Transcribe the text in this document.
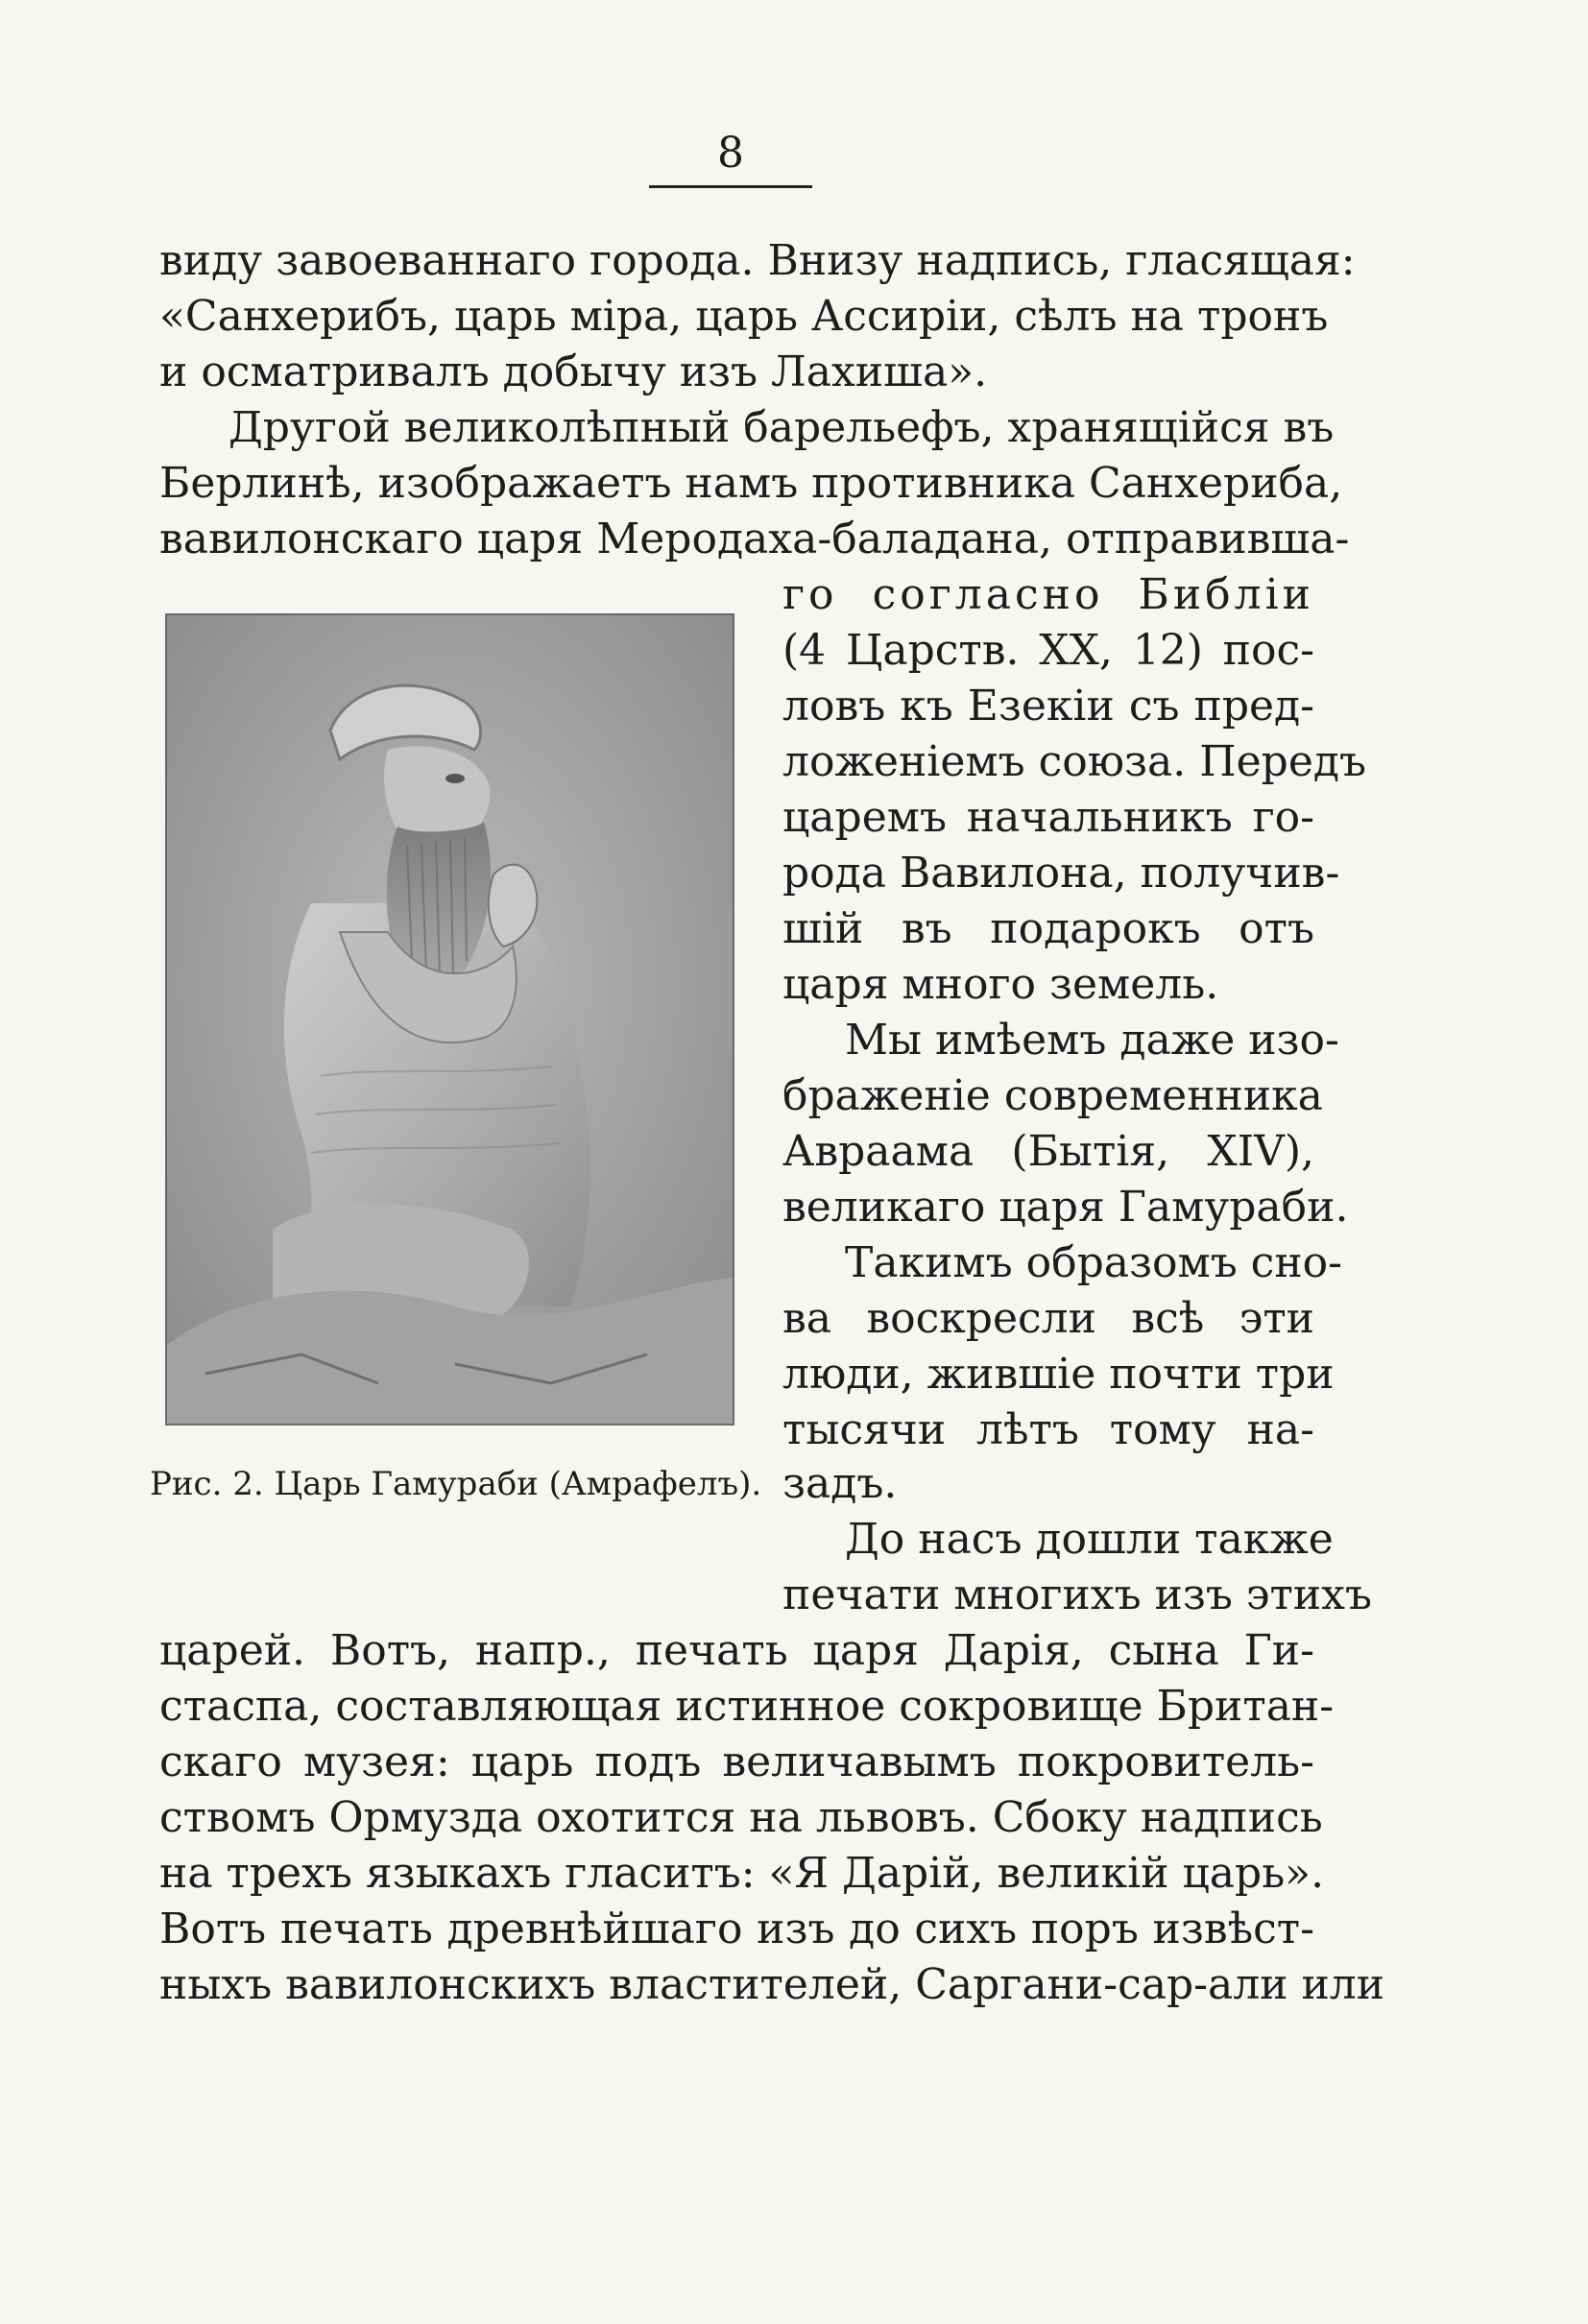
8
виду завоеваннаго города. Внизу надпись, гласящая:
«Санхерибъ, царь міра, царь Ассиріи, сѣлъ на тронъ
и осматривалъ добычу изъ Лахиша».
Другой великолѣпный барельефъ, хранящійся въ
Берлинѣ, изображаетъ намъ противника Санхериба,
вавилонскаго царя Меродаха-баладана, отправивша-
го согласно Библіи
(4 Царств. XX, 12) пос-
ловъ къ Езекіи съ пред-
ложеніемъ союза. Передъ
царемъ начальникъ го-
рода Вавилона, получив-
шій въ подарокъ отъ
царя много земель.
Мы имѣемъ даже изо-
браженіе современника
Авраама (Бытія, XIV),
великаго царя Гамураби.
Такимъ образомъ сно-
ва воскресли всѣ эти
люди, жившіе почти три
тысячи лѣтъ тому на-
задъ.
До насъ дошли также
печати многихъ изъ этихъ
царей. Вотъ, напр., печать царя Дарія, сына Ги-
стаспа, составляющая истинное сокровище Британ-
скаго музея: царь подъ величавымъ покровитель-
ствомъ Ормузда охотится на львовъ. Сбоку надпись
на трехъ языкахъ гласитъ: «Я Дарій, великій царь».
Вотъ печать древнѣйшаго изъ до сихъ поръ извѣст-
ныхъ вавилонскихъ властителей, Саргани-сар-али или
Рис. 2. Царь Гамураби (Амрафелъ).
